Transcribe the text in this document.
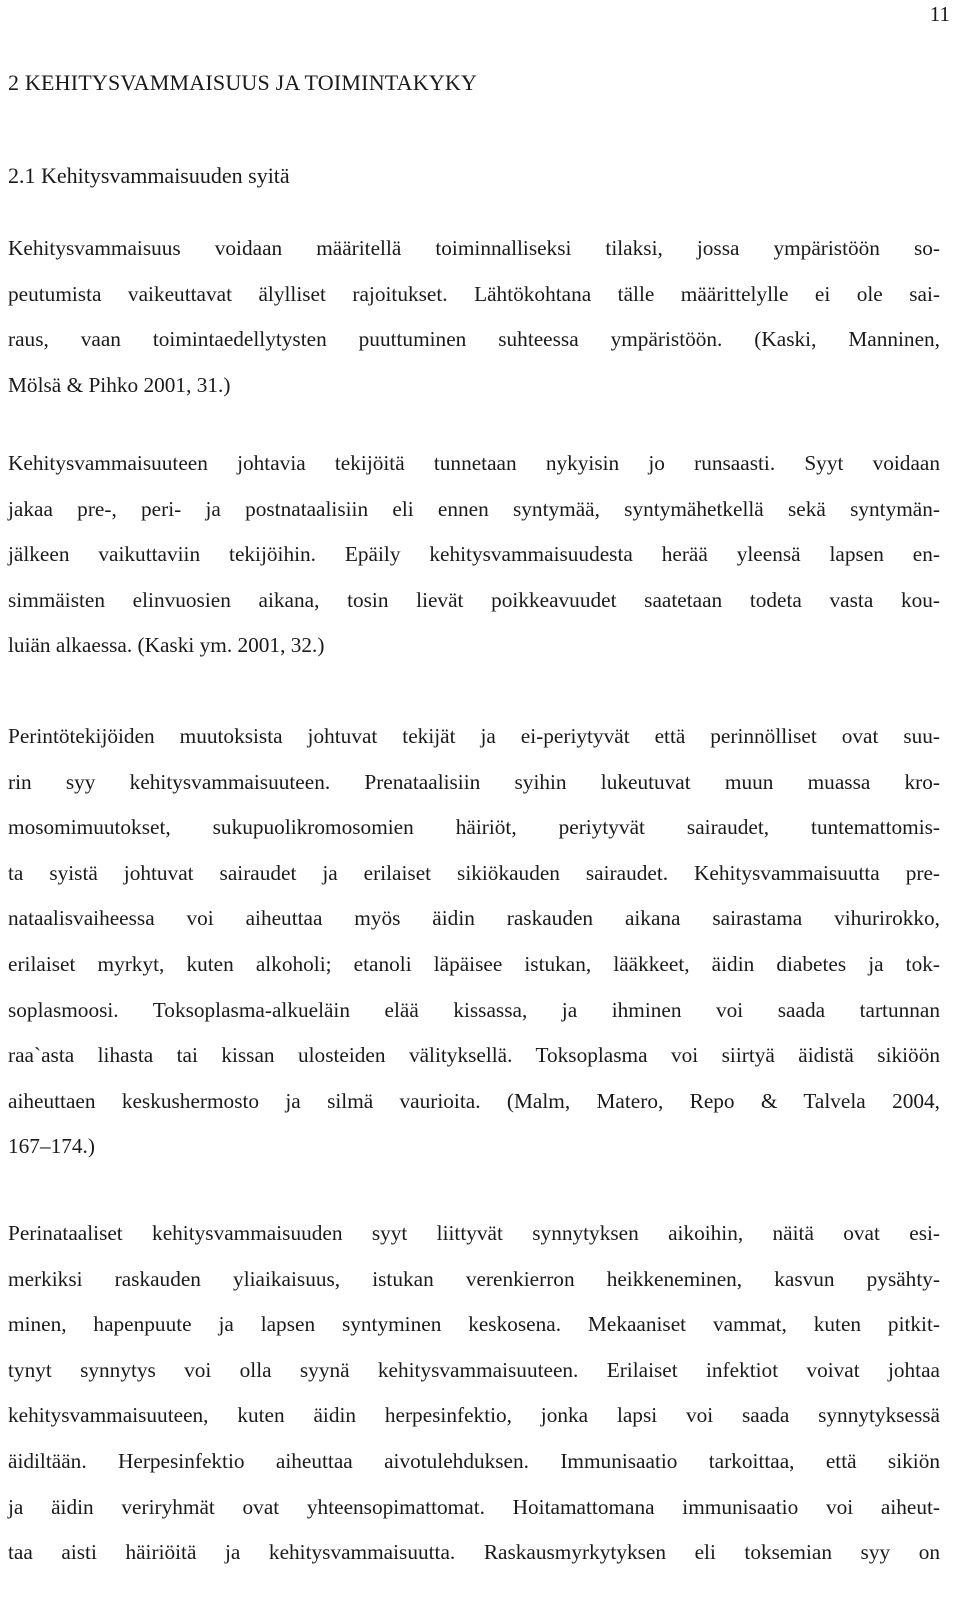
11
2 KEHITYSVAMMAISUUS JA TOIMINTAKYKY
2.1 Kehitysvammaisuuden syitä

Kehitysvammaisuus voidaan määritellä toiminnalliseksi tilaksi, jossa ympäristöön so-
peutumista vaikeuttavat älylliset rajoitukset. Lähtökohtana tälle määrittelylle ei ole sai-
raus, vaan toimintaedellytysten puuttuminen suhteessa ympäristöön. (Kaski, Manninen,
Mölsä & Pihko 2001, 31.)

Kehitysvammaisuuteen johtavia tekijöitä tunnetaan nykyisin jo runsaasti. Syyt voidaan
jakaa pre-, peri- ja postnataalisiin eli ennen syntymää, syntymähetkellä sekä syntymän-
jälkeen vaikuttaviin tekijöihin. Epäily kehitysvammaisuudesta herää yleensä lapsen en-
simmäisten elinvuosien aikana, tosin lievät poikkeavuudet saatetaan todeta vasta kou-
luiän alkaessa. (Kaski ym. 2001, 32.)

Perintötekijöiden muutoksista johtuvat tekijät ja ei-periytyvät että perinnölliset ovat suu-
rin syy kehitysvammaisuuteen. Prenataalisiin syihin lukeutuvat muun muassa kro-
mosomimuutokset, sukupuolikromosomien häiriöt, periytyvät sairaudet, tuntemattomis-
ta syistä johtuvat sairaudet ja erilaiset sikiökauden sairaudet. Kehitysvammaisuutta pre-
nataalisvaiheessa voi aiheuttaa myös äidin raskauden aikana sairastama vihurirokko,
erilaiset myrkyt, kuten alkoholi; etanoli läpäisee istukan, lääkkeet, äidin diabetes ja tok-
soplasmoosi. Toksoplasma-alkueläin elää kissassa, ja ihminen voi saada tartunnan
raa`asta lihasta tai kissan ulosteiden välityksellä. Toksoplasma voi siirtyä äidistä sikiöön
aiheuttaen keskushermosto ja silmä vaurioita. (Malm, Matero, Repo & Talvela 2004,
167–174.)

Perinataaliset kehitysvammaisuuden syyt liittyvät synnytyksen aikoihin, näitä ovat esi-
merkiksi raskauden yliaikaisuus, istukan verenkierron heikkeneminen, kasvun pysähty-
minen, hapenpuute ja lapsen syntyminen keskosena. Mekaaniset vammat, kuten pitkit-
tynyt synnytys voi olla syynä kehitysvammaisuuteen. Erilaiset infektiot voivat johtaa
kehitysvammaisuuteen, kuten äidin herpesinfektio, jonka lapsi voi saada synnytyksessä
äidiltään. Herpesinfektio aiheuttaa aivotulehduksen. Immunisaatio tarkoittaa, että sikiön
ja äidin veriryhmät ovat yhteensopimattomat. Hoitamattomana immunisaatio voi aiheut-
taa aisti häiriöitä ja kehitysvammaisuutta. Raskausmyrkytyksen eli toksemian syy on
